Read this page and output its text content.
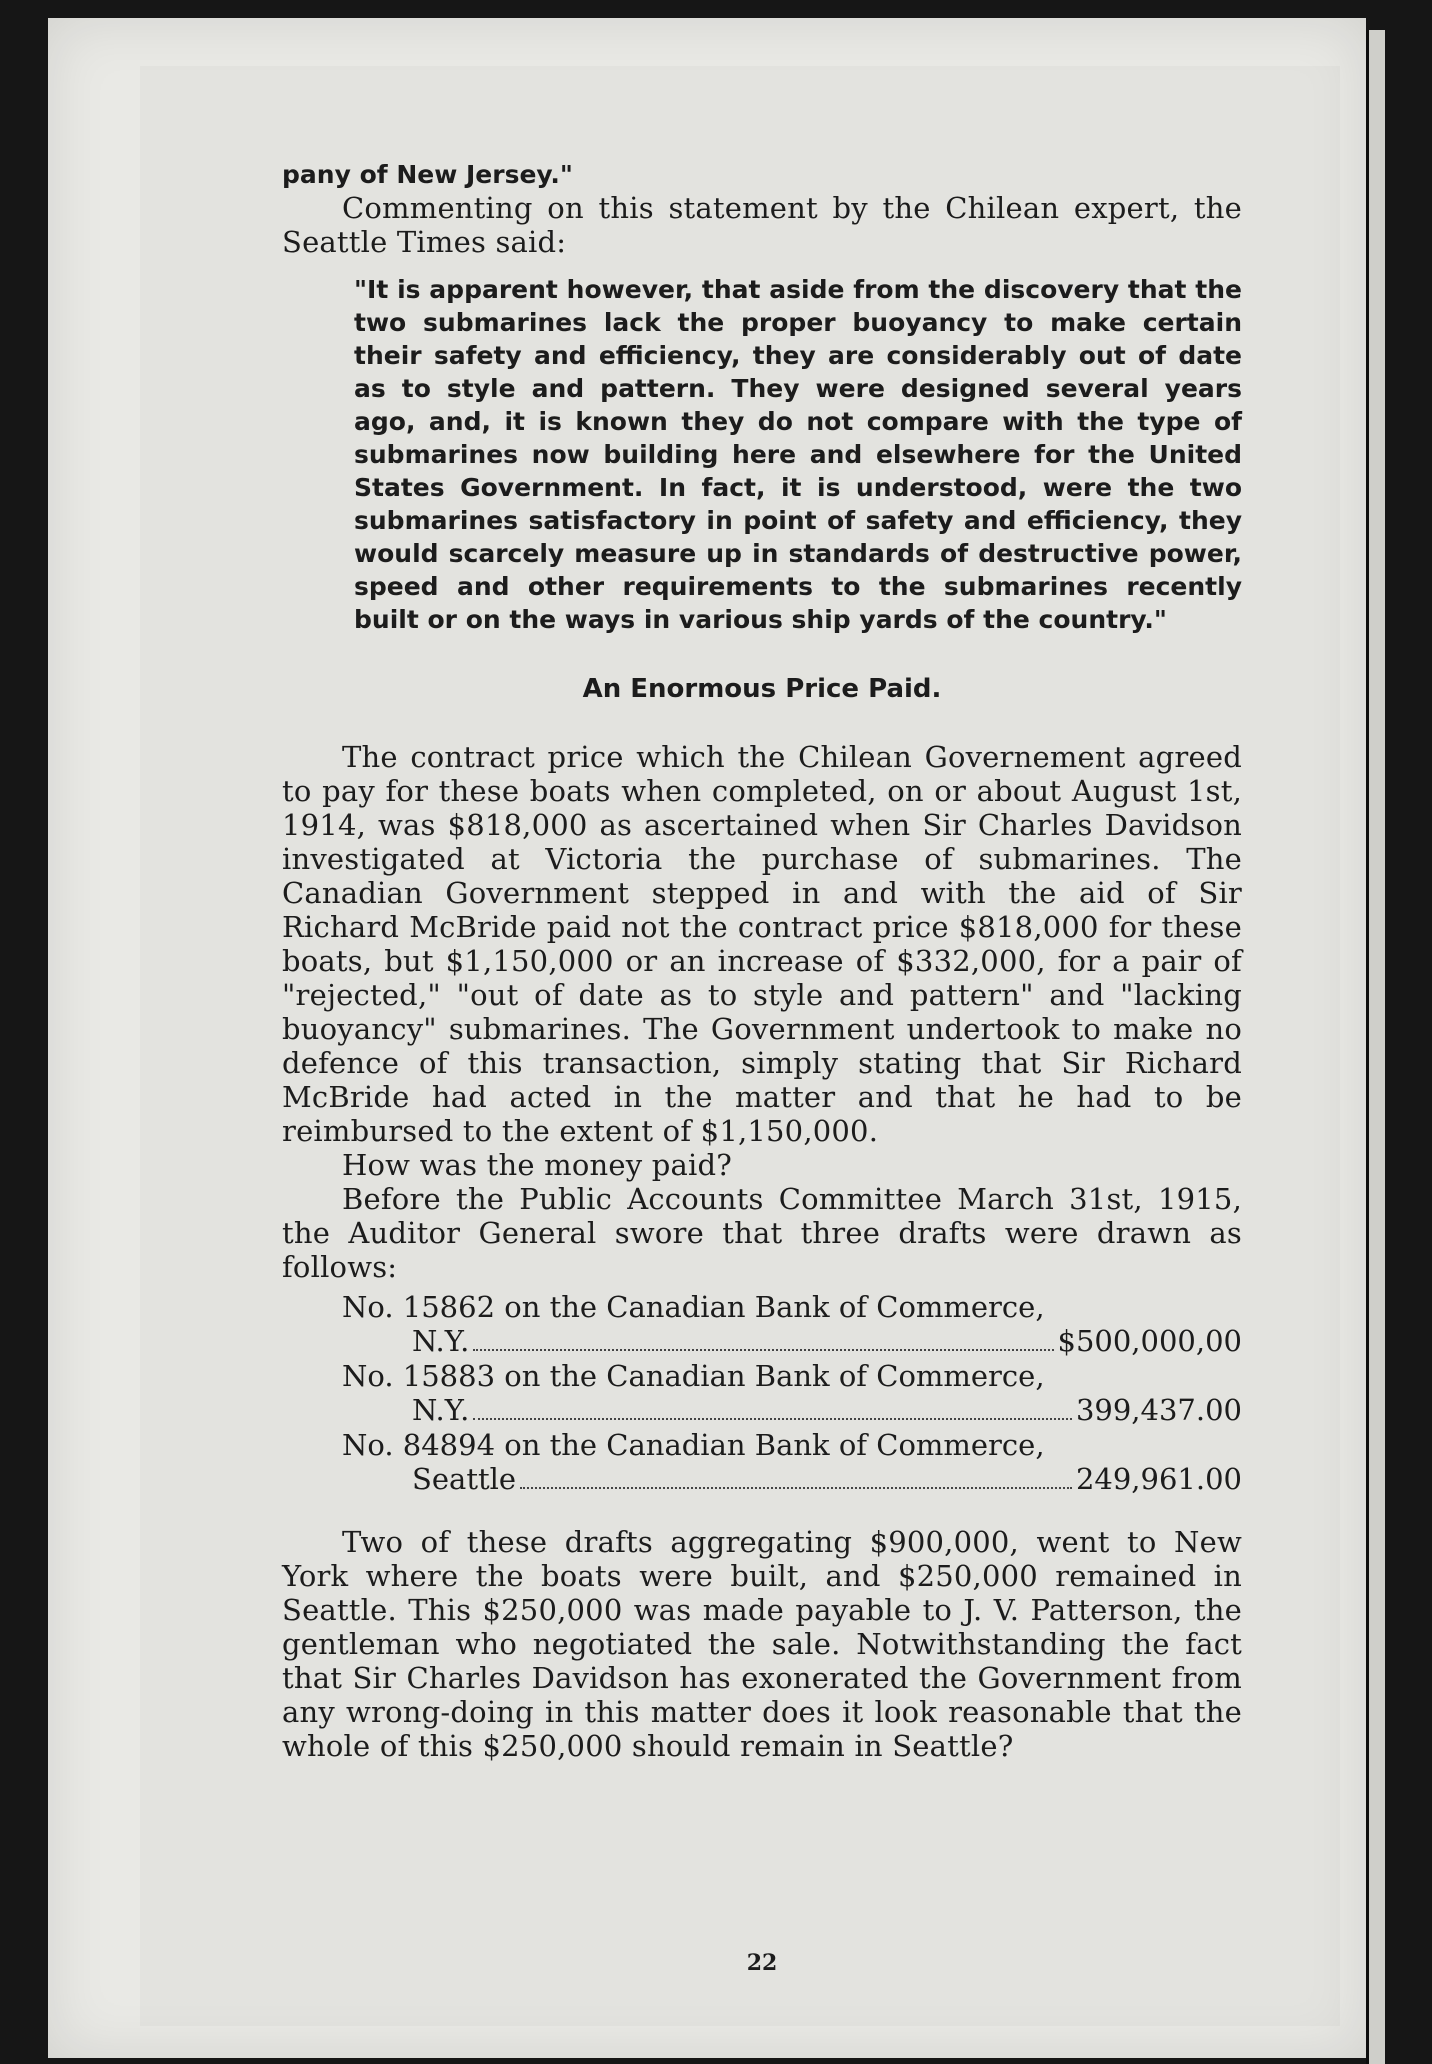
pany of New Jersey."

Commenting on this statement by the Chilean expert, the Seattle Times said:

"It is apparent however, that aside from the discovery that the two submarines lack the proper buoyancy to make certain their safety and efficiency, they are considerably out of date as to style and pattern. They were designed several years ago, and, it is known they do not compare with the type of submarines now building here and elsewhere for the United States Government. In fact, it is understood, were the two submarines satisfactory in point of safety and efficiency, they would scarcely measure up in standards of destructive power, speed and other requirements to the submarines recently built or on the ways in various ship yards of the country."

An Enormous Price Paid.

The contract price which the Chilean Governement agreed to pay for these boats when completed, on or about August 1st, 1914, was $818,000 as ascertained when Sir Charles Davidson investigated at Victoria the purchase of submarines. The Canadian Government stepped in and with the aid of Sir Richard McBride paid not the contract price $818,000 for these boats, but $1,150,000 or an increase of $332,000, for a pair of "rejected," "out of date as to style and pattern" and "lacking buoyancy" submarines. The Government undertook to make no defence of this transaction, simply stating that Sir Richard McBride had acted in the matter and that he had to be reimbursed to the extent of $1,150,000.

How was the money paid?

Before the Public Accounts Committee March 31st, 1915, the Auditor General swore that three drafts were drawn as follows:

No. 15862 on the Canadian Bank of Commerce,
N.Y.	$500,000,00
No. 15883 on the Canadian Bank of Commerce,
N.Y.	399,437.00
No. 84894 on the Canadian Bank of Commerce,
Seattle	249,961.00

Two of these drafts aggregating $900,000, went to New York where the boats were built, and $250,000 remained in Seattle. This $250,000 was made payable to J. V. Patterson, the gentleman who negotiated the sale. Notwithstanding the fact that Sir Charles Davidson has exonerated the Government from any wrong-doing in this matter does it look reasonable that the whole of this $250,000 should remain in Seattle?

22
